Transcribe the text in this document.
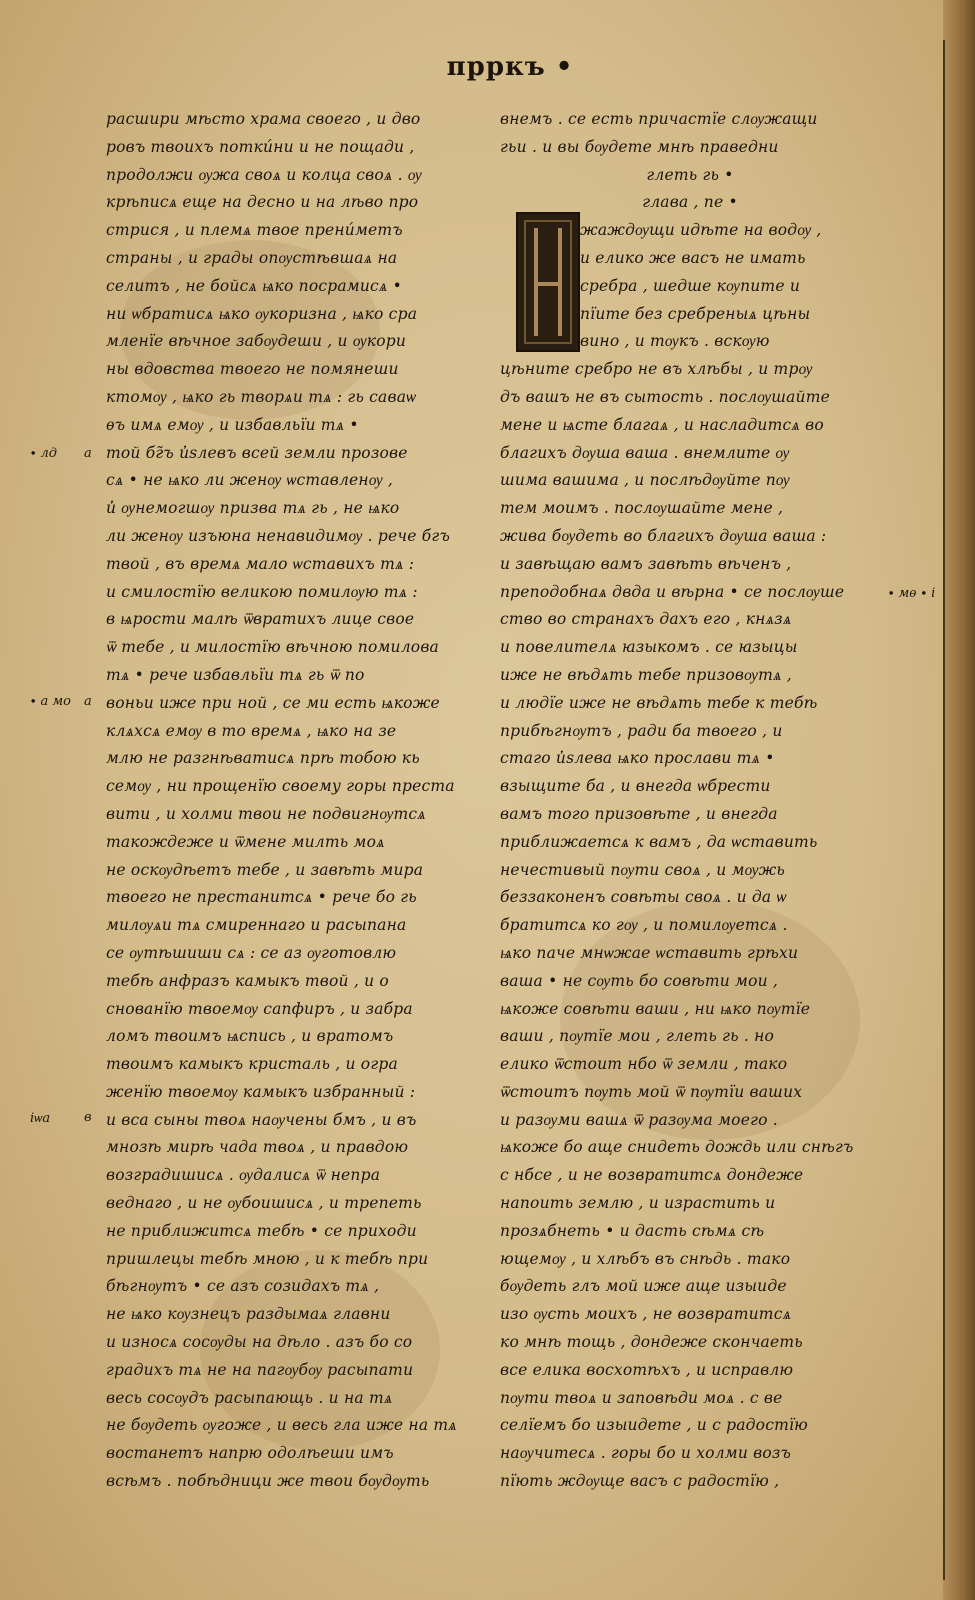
прркъ •
расшири мѣсто храма своего , и дво
ровъ твоихъ потки́ни и не пощади ,
продолжи ѹжа своѧ и колца своѧ . ѹ
крѣписѧ еще на десно и на лѣво про
стрися , и племѧ твое прени́метъ
страны , и грады опѹстѣвшаѧ на
селитъ , не бойсѧ ѩко посрамисѧ •
ни ѡбратисѧ ѩко ѹкоризна , ѩко сра
мленїе вѣчное забѹдеши , и ѹкори
ны вдовства твоего не помянеши
ктомѹ , ѩко гь творѧи тѧ : гь саваѡ
ѳъ имѧ емѹ , и избавльїи тѧ •
той бг̃ъ и̓ѕлевъ всей земли прозове
сѧ • не ѩко ли женѹ ѡставленѹ ,
и̓ ѹнемогшѹ призва тѧ гь , не ѩко
ли женѹ изъюна ненавидимѹ . рече бгъ
твой , въ времѧ мало ѡставихъ тѧ :
и смилостїю великою помилѹю тѧ :
в ѩрости малѣ ѿвратихъ лице свое
ѿ тебе , и милостїю вѣчною помилова
тѧ • рече избавльїи тѧ гь ѿ по
воньи иже при ной , се ми есть ѩкоже
клѧхсѧ емѹ в то времѧ , ѩко на зе
млю не разгнѣватисѧ прѣ тобою кь
семѹ , ни прощенїю своему горы преста
вити , и холми твои не подвигнѹтсѧ
такождеже и ѿмене милть моѧ
не оскѹдѣетъ тебе , и завѣть мира
твоего не престанитсѧ • рече бо гь
милѹѧи тѧ смиреннаго и расыпана
се ѹтѣшиши сѧ : се аз ѹготовлю
тебѣ анфразъ камыкъ твой , и о
снованїю твоемѹ сапфиръ , и забра
ломъ твоимъ ѩспись , и вратомъ
твоимъ камыкъ кристаль , и огра
женїю твоемѹ камыкъ избранный :
и вса сыны твоѧ наѹчены бмъ , и въ
мнозѣ мирѣ чада твоѧ , и правдою
возградишисѧ . ѹдалисѧ ѿ непра
веднаго , и не ѹбоишисѧ , и трепеть
не приближитсѧ тебѣ • се приходи
пришлецы тебѣ мною , и к тебѣ при
бѣгнѹтъ • се азъ созидахъ тѧ ,
не ѩко кѹзнецъ раздымаѧ главни
и износѧ сосѹды на дѣло . азъ бо со
градихъ тѧ не на пагѹбѹ расыпати
весь сосѹдъ расыпающь . и на тѧ
не бѹдеть ѹгоже , и весь гла иже на тѧ
востанетъ напрю одолѣеши имъ
всѣмъ . побѣдници же твои бѹдѹть
внемъ . се есть причастїе слѹжащи
гьи . и вы бѹдете мнѣ праведни
глеть гь •
глава , ne •
жаждѹщи идѣте на водѹ ,
и елико же васъ не имать
сребра , шедше кѹпите и
пїите без сребреныѧ цѣны
вино , и тѹкъ . вскѹю
цѣните сребро не въ хлѣбы , и трѹ
дъ вашъ не въ сытость . послѹшайте
мене и ѩсте благаѧ , и насладитсѧ во
благихъ дѹша ваша . внемлите ѹ
шима вашима , и послѣдѹйте пѹ
тем моимъ . послѹшайте мене ,
жива бѹдеть во благихъ дѹша ваша :
и завѣщаю вамъ завѣть вѣченъ ,
преподобнаѧ двда и вѣрна • се послѹше
ство во странахъ дахъ его , кнѧзѧ
и повелителѧ ꙗзыкомъ . се ꙗзыцы
иже не вѣдѧть тебе призовѹтѧ ,
и людїе иже не вѣдѧть тебе к тебѣ
прибѣгнѹтъ , ради ба твоего , и
стаго и̓ѕлева ѩко прослави тѧ •
взыщите ба , и внегда ѡбрести
вамъ того призовѣте , и внегда
приближаетсѧ к вамъ , да ѡставить
нечестивый пѹти своѧ , и мѹжь
беззаконенъ совѣты своѧ . и да ѡ
братитсѧ ко гѹ , и помилѹетсѧ .
ѩко паче мнѡжае ѡставить грѣхи
ваша • не сѹть бо совѣти мои ,
ѩкоже совѣти ваши , ни ѩко пѹтїе
ваши , пѹтїе мои , глеть гь . но
елико ѿстоит нбо ѿ земли , тако
ѿстоитъ пѹть мой ѿ пѹтїи ваших
и разѹми вашѧ ѿ разѹма моего .
ѩкоже бо аще снидеть дождь или снѣгъ
с нбсе , и не возвратитсѧ дондеже
напоить землю , и израстить и
прозѧбнеть • и дасть сѣмѧ сѣ
ющемѹ , и хлѣбъ въ снѣдь . тако
бѹдеть глъ мой иже аще изыиде
изо ѹсть моихъ , не возвратитсѧ
ко мнѣ тощь , дондеже скончаеть
все елика восхотѣхъ , и исправлю
пѹти твоѧ и заповѣди моѧ . с ве
селїемъ бо изыидете , и с радостїю
наѹчитесѧ . горы бо и холми возъ
пїють ждѹще васъ с радостїю ,
∙ лд а
∙ а мо а
іѡа	в
∙ мѳ ∙ і
